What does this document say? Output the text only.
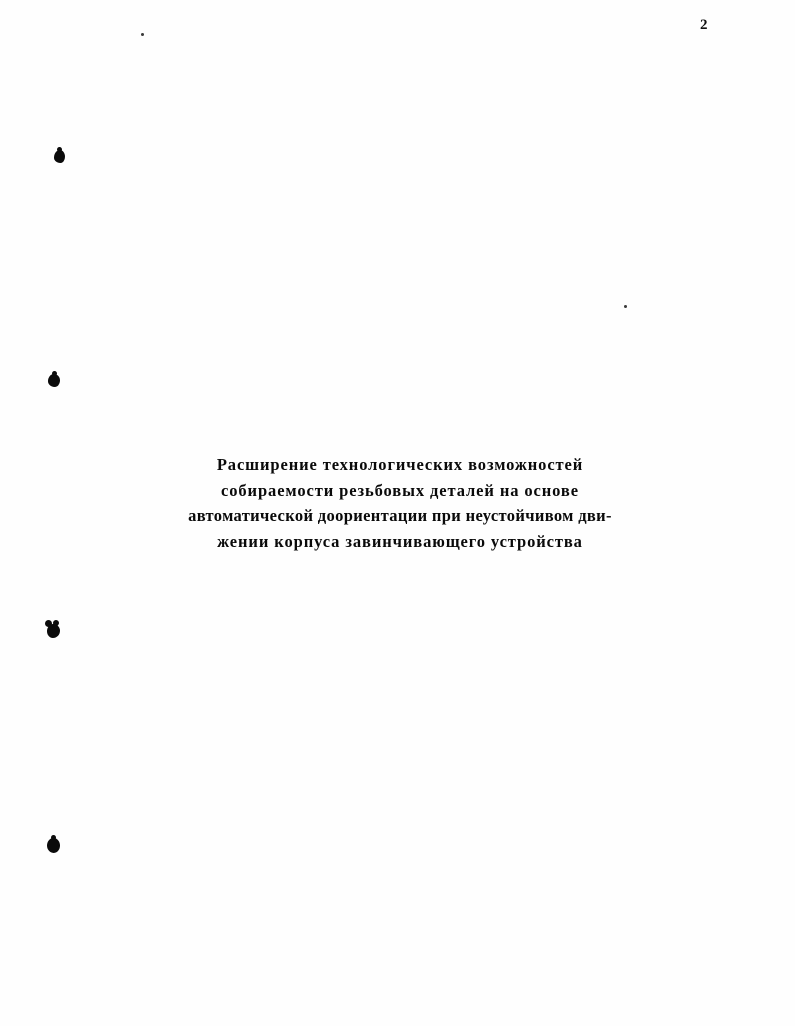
2
Расширение технологических возможностей
собираемости резьбовых деталей на основе
автоматической доориентации при неустойчивом дви-
жении корпуса завинчивающего устройства
